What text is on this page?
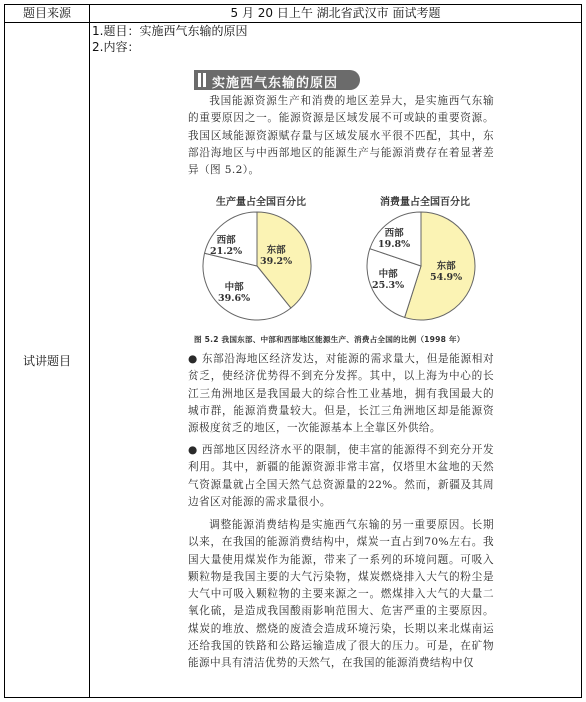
题目来源	5 月 20 日上午 湖北省武汉市 面试考题
试讲题目	1.题目：实施西气东输的原因
2.内容：
实施西气东输的原因
我国能源资源生产和消费的地区差异大，是实施西气东输的重要原因之一。能源资源是区域发展不可或缺的重要资源。我国区域能源资源赋存量与区域发展水平很不匹配，其中，东部沿海地区与中西部地区的能源生产与能源消费存在着显著差异（图 5.2）。
生产量占全国百分比	消费量占全国百分比
西部
21.2%	东部
39.2%
中部
39.6%
西部
19.8%
东部
54.9%
中部
25.3%
图 5.2 我国东部、中部和西部地区能源生产、消费占全国的比例（1998 年）
● 东部沿海地区经济发达，对能源的需求量大，但是能源相对贫乏，使经济优势得不到充分发挥。其中，以上海为中心的长江三角洲地区是我国最大的综合性工业基地，拥有我国最大的城市群，能源消费量较大。但是，长江三角洲地区却是能源资源极度贫乏的地区，一次能源基本上全靠区外供给。
● 西部地区因经济水平的限制，使丰富的能源得不到充分开发利用。其中，新疆的能源资源非常丰富，仅塔里木盆地的天然气资源量就占全国天然气总资源量的22%。然而，新疆及其周边省区对能源的需求量很小。
调整能源消费结构是实施西气东输的另一重要原因。长期以来，在我国的能源消费结构中，煤炭一直占到70%左右。我国大量使用煤炭作为能源，带来了一系列的环境问题。可吸入颗粒物是我国主要的大气污染物，煤炭燃烧排入大气的粉尘是大气中可吸入颗粒物的主要来源之一。燃煤排入大气的大量二氧化硫，是造成我国酸雨影响范围大、危害严重的主要原因。煤炭的堆放、燃烧的废渣会造成环境污染，长期以来北煤南运还给我国的铁路和公路运输造成了很大的压力。可是，在矿物能源中具有清洁优势的天然气，在我国的能源消费结构中仅
